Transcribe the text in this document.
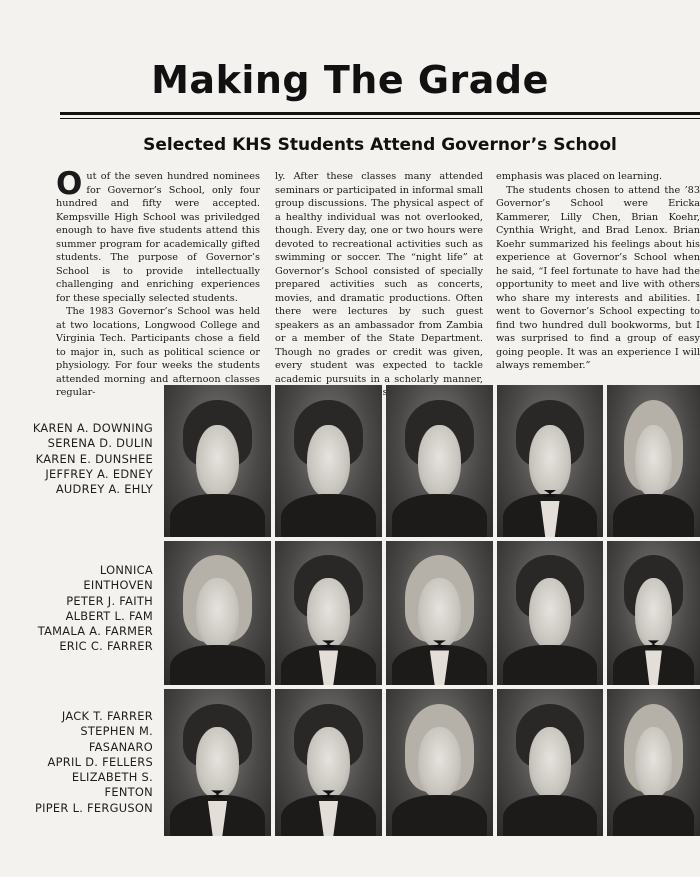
Making The Grade
Selected KHS Students Attend Governor’s School

Out of the seven hundred nominees for Governor’s School, only four hundred and fifty were accepted. Kempsville High School was priviledged enough to have five students attend this summer program for academically gifted students. The purpose of Governor’s School is to provide intellectually challenging and enriching experiences for these specially selected students.

The 1983 Governor’s School was held at two locations, Longwood College and Virginia Tech. Participants chose a field to major in, such as political science or physiology. For four weeks the students attended morning and afternoon classes regular-

ly. After these classes many attended seminars or participated in informal small group discussions. The physical aspect of a healthy individual was not overlooked, though. Every day, one or two hours were devoted to recreational activities such as swimming or soccer. The “night life” at Governor’s School consisted of specially prepared activities such as concerts, movies, and dramatic productions. Often there were lectures by such guest speakers as an ambassador from Zambia or a member of the State Department. Though no grades or credit was given, every student was expected to tackle academic pursuits in a scholarly manner,

emphasis was placed on learning.

The students chosen to attend the ’83 Governor’s School were Ericka Kammerer, Lilly Chen, Brian Koehr, Cynthia Wright, and Brad Lenox. Brian Koehr summarized his feelings about his experience at Governor’s School when he said, “I feel fortunate to have had the opportunity to meet and live with others who share my interests and abilities. I went to Governor’s School expecting to find two hundred dull bookworms, but I was surprised to find a group of easy going people. It was an experience I will always remember.”

KAREN A. DOWNING
SERENA D. DULIN
KAREN E. DUNSHEE
JEFFREY A. EDNEY
AUDREY A. EHLY
LONNICA
EINTHOVEN
PETER J. FAITH
ALBERT L. FAM
TAMALA A. FARMER
ERIC C. FARRER
JACK T. FARRER
STEPHEN M.
FASANARO
APRIL D. FELLERS
ELIZABETH S.
FENTON
PIPER L. FERGUSON
